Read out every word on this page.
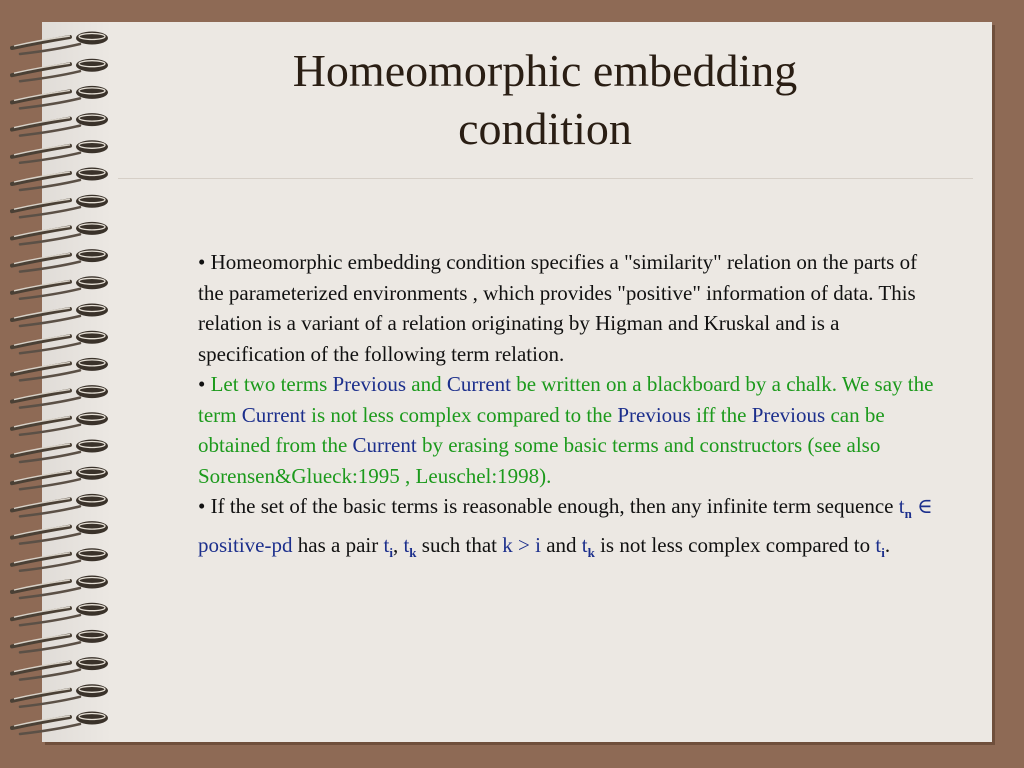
Homeomorphic embedding
condition

• Homeomorphic embedding condition specifies a "similarity" relation on the parts of the parameterized environments , which provides "positive" information of data. This relation is a variant of a relation originating by Higman and Kruskal and is a specification of the following term relation.

• Let two terms Previous and Current be written on a blackboard by a chalk. We say the term Current is not less complex compared to the Previous iff the Previous can be obtained from the Current by erasing some basic terms and constructors (see also Sorensen&Glueck:1995 , Leuschel:1998).

• If the set of the basic terms is reasonable enough, then any infinite term sequence $t_n$ ∈ positive-pd has a pair $t_i$, $t_k$ such that k > i and $t_k$ is not less complex compared to $t_i$.
